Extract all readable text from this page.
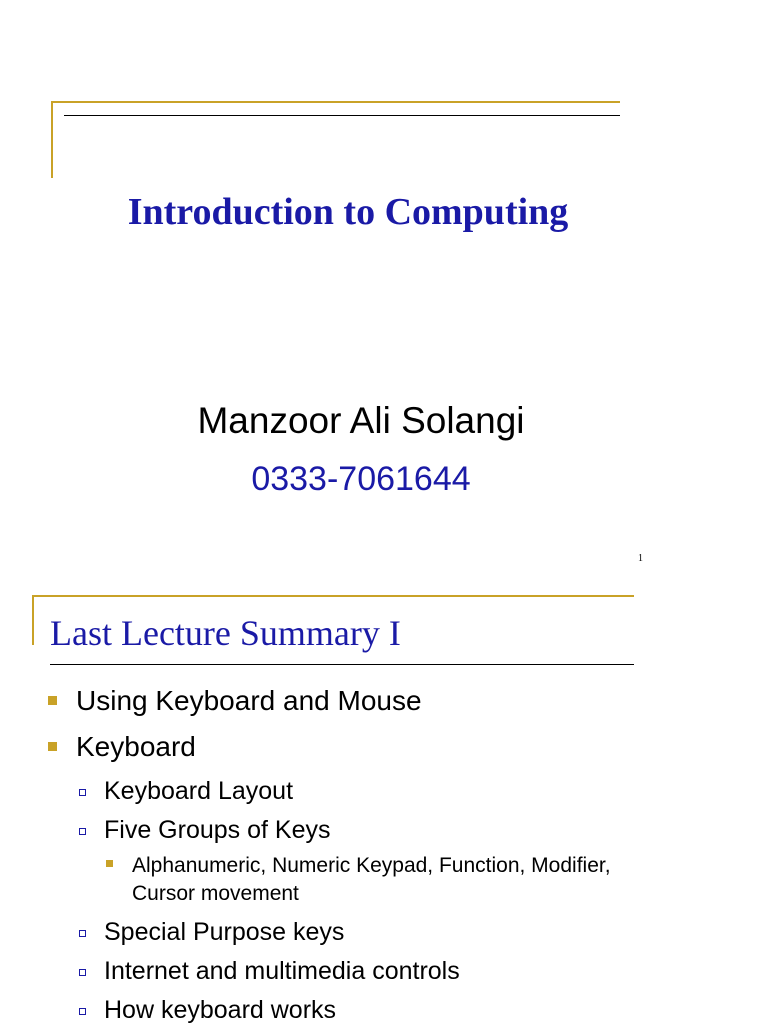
Introduction to Computing
Manzoor Ali Solangi
0333-7061644
1
Last Lecture Summary I
Using Keyboard and Mouse
Keyboard
Keyboard Layout
Five Groups of Keys
Alphanumeric, Numeric Keypad, Function, Modifier, Cursor movement
Special Purpose keys
Internet and multimedia controls
How keyboard works
